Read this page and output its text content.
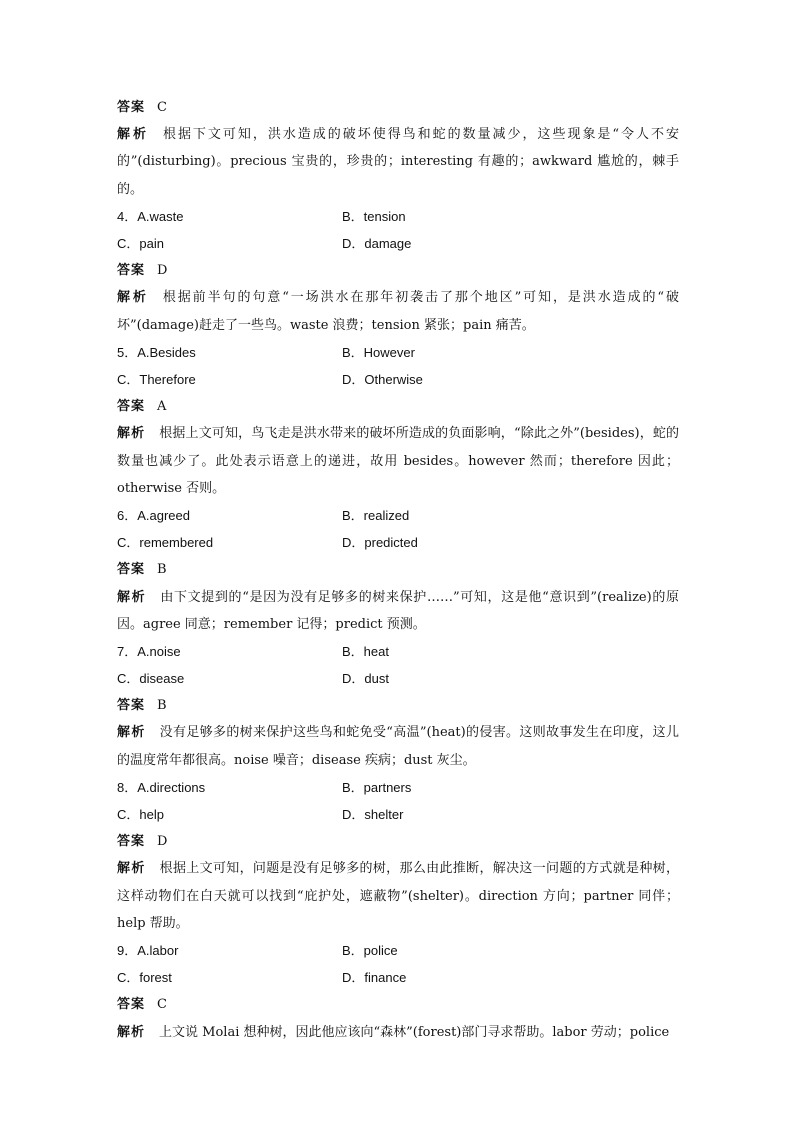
答案 C
解析 根据下文可知，洪水造成的破坏使得鸟和蛇的数量减少，这些现象是“令人不安的”(disturbing)。precious 宝贵的，珍贵的；interesting 有趣的；awkward 尴尬的，棘手的。
4．A.waste	B．tension
C．pain	D．damage
答案 D
解析 根据前半句的句意“一场洪水在那年初袭击了那个地区”可知，是洪水造成的“破坏”(damage)赶走了一些鸟。waste 浪费；tension 紧张；pain 痛苦。
5．A.Besides	B．However
C．Therefore	D．Otherwise
答案 A
解析 根据上文可知，鸟飞走是洪水带来的破坏所造成的负面影响，“除此之外”(besides)，蛇的数量也减少了。此处表示语意上的递进，故用 besides。however 然而；therefore 因此；otherwise 否则。
6．A.agreed	B．realized
C．remembered	D．predicted
答案 B
解析 由下文提到的“是因为没有足够多的树来保护……”可知，这是他“意识到”(realize)的原因。agree 同意；remember 记得；predict 预测。
7．A.noise	B．heat
C．disease	D．dust
答案 B
解析 没有足够多的树来保护这些鸟和蛇免受“高温”(heat)的侵害。这则故事发生在印度，这儿的温度常年都很高。noise 噪音；disease 疾病；dust 灰尘。
8．A.directions	B．partners
C．help	D．shelter
答案 D
解析 根据上文可知，问题是没有足够多的树，那么由此推断，解决这一问题的方式就是种树，这样动物们在白天就可以找到“庇护处，遮蔽物”(shelter)。direction 方向；partner 同伴；help 帮助。
9．A.labor	B．police
C．forest	D．finance
答案 C
解析 上文说 Molai 想种树，因此他应该向“森林”(forest)部门寻求帮助。labor 劳动；police
